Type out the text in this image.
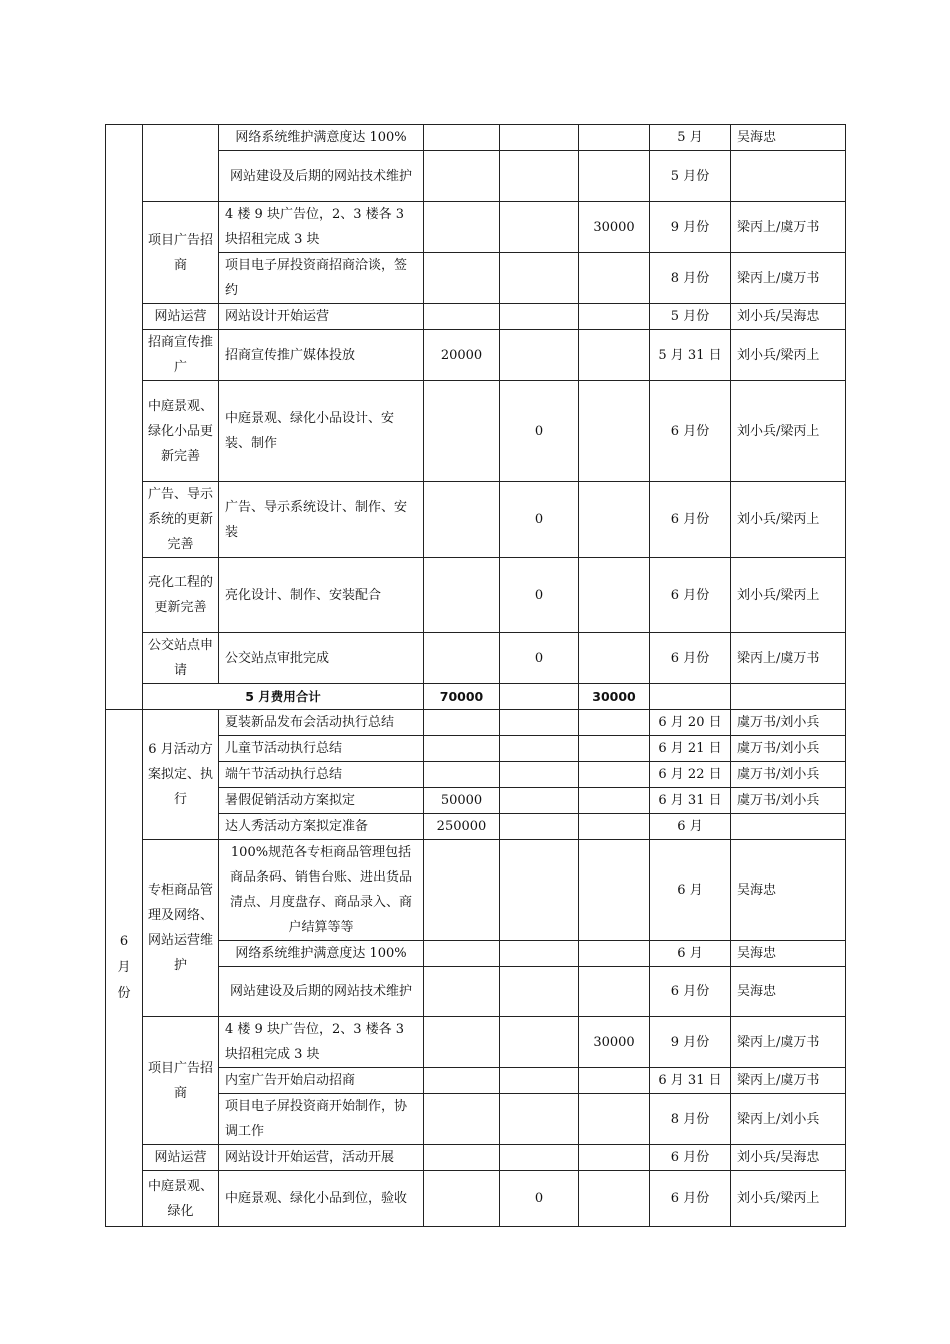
		网络系统维护满意度达 100%				5 月	吴海忠
		网站建设及后期的网站技术维护				5 月份	
	项目广告招商	4 楼 9 块广告位，2、3 楼各 3 块招租完成 3 块			30000	9 月份	梁丙上/虞万书
		项目电子屏投资商招商洽谈，签约				8 月份	梁丙上/虞万书
	网站运营	网站设计开始运营				5 月份	刘小兵/吴海忠
	招商宣传推广	招商宣传推广媒体投放	20000			5 月 31 日	刘小兵/梁丙上
	中庭景观、绿化小品更新完善	中庭景观、绿化小品设计、安装、制作		0		6 月份	刘小兵/梁丙上
	广告、导示系统的更新完善	广告、导示系统设计、制作、安装		0		6 月份	刘小兵/梁丙上
	亮化工程的更新完善	亮化设计、制作、安装配合		0		6 月份	刘小兵/梁丙上
	公交站点申请	公交站点审批完成		0		6 月份	梁丙上/虞万书
	5 月费用合计		70000		30000		

6月份	6 月活动方案拟定、执行	夏装新品发布会活动执行总结				6 月 20 日	虞万书/刘小兵
		儿童节活动执行总结				6 月 21 日	虞万书/刘小兵
		端午节活动执行总结				6 月 22 日	虞万书/刘小兵
		暑假促销活动方案拟定	50000			6 月 31 日	虞万书/刘小兵
		达人秀活动方案拟定准备	250000			6 月	
	专柜商品管理及网络、网站运营维护	100%规范各专柜商品管理包括商品条码、销售台账、进出货品清点、月度盘存、商品录入、商户结算等等				6 月	吴海忠
		网络系统维护满意度达 100%				6 月	吴海忠
		网站建设及后期的网站技术维护				6 月份	吴海忠
	项目广告招商	4 楼 9 块广告位，2、3 楼各 3 块招租完成 3 块			30000	9 月份	梁丙上/虞万书
		内室广告开始启动招商				6 月 31 日	梁丙上/虞万书
		项目电子屏投资商开始制作，协调工作				8 月份	梁丙上/刘小兵
	网站运营	网站设计开始运营，活动开展				6 月份	刘小兵/吴海忠
	中庭景观、绿化	中庭景观、绿化小品到位，验收		0		6 月份	刘小兵/梁丙上
